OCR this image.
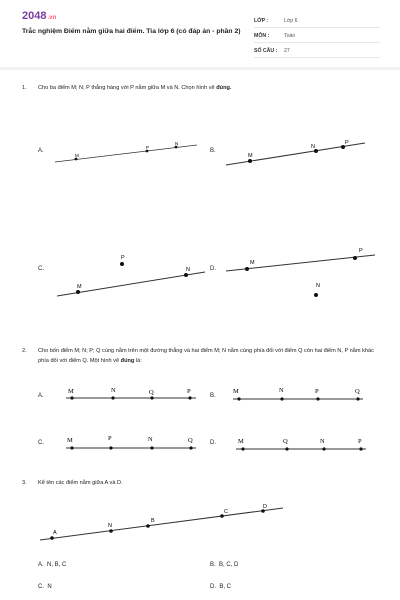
2048.vn
Trắc nghiệm Điểm nằm giữa hai điểm. Tia lớp 6 (có đáp án - phần 2)
LỚP :	Lớp 6
MÔN :	Toán
SỐ CÂU : 27
1. Cho ba điểm M; N; P thẳng hàng với P nằm giữa M và N. Chọn hình vẽ đúng.
A.	B.
C.	D.
M
P
N
M
N
P
M
N
P
M
P
N
2. Cho bốn điểm M; N; P; Q cùng nằm trên một đường thẳng và hai điểm M; N nằm cùng phía đối với điểm Q còn hai điểm N, P nằm khác phía đối với điểm Q. Một hình vẽ đúng là:
A.	B.
C.	D.
M	N	Q	P	M	N	P	Q
M	P	N	Q	M	Q	N	P
3. Kể tên các điểm nằm giữa A và D.
A
N
B
C
D
A. N, B, C	B. B, C, D
C. N	D. B, C
